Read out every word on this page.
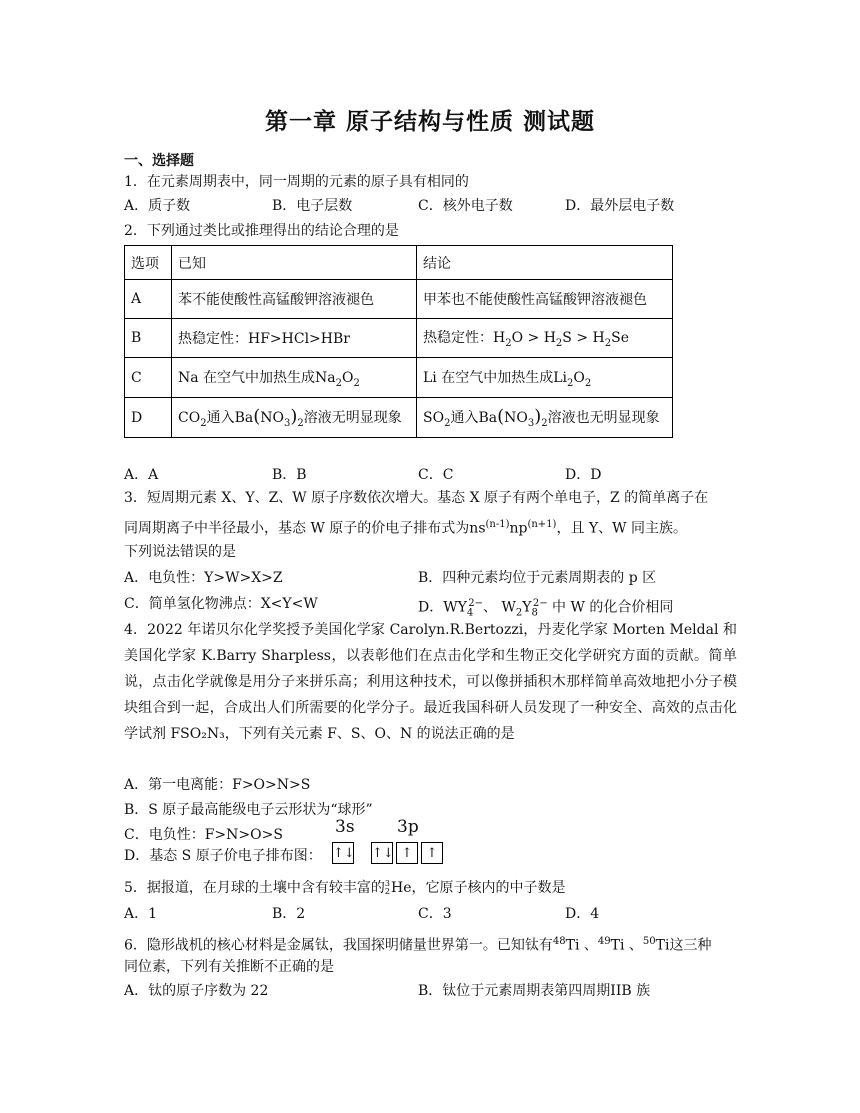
第一章 原子结构与性质 测试题
一、选择题
1．在元素周期表中，同一周期的元素的原子具有相同的
A．质子数	B．电子层数	C．核外电子数	D．最外层电子数
2．下列通过类比或推理得出的结论合理的是
选项	已知	结论
A	苯不能使酸性高锰酸钾溶液褪色	甲苯也不能使酸性高锰酸钾溶液褪色
B	热稳定性：HF>HCl>HBr	热稳定性：$H_2O > H_2S > H_2Se$
C	Na 在空气中加热生成$Na_2O_2$	Li 在空气中加热生成$Li_2O_2$
D	$CO_2$通入$Ba(NO_3)_2$溶液无明显现象	$SO_2$通入$Ba(NO_3)_2$溶液也无明显现象
A．A	B．B	C．C	D．D
3．短周期元素 X、Y、Z、W 原子序数依次增大。基态 X 原子有两个单电子，Z 的简单离子在
同周期离子中半径最小，基态 W 原子的价电子排布式为$ns^{(n-1)}np^{(n+1)}$，且 Y、W 同主族。
下列说法错误的是
A．电负性：Y>W>X>Z	B．四种元素均位于元素周期表的 p 区
C．简单氢化物沸点：X<Y<W	D．$WY_4^{2-}$、 $W_2Y_8^{2-}$ 中 W 的化合价相同
4．2022 年诺贝尔化学奖授予美国化学家 Carolyn.R.Bertozzi，丹麦化学家 Morten Meldal 和美国化学家 K.Barry Sharpless，以表彰他们在点击化学和生物正交化学研究方面的贡献。简单说，点击化学就像是用分子来拼乐高；利用这种技术，可以像拼插积木那样简单高效地把小分子模块组合到一起，合成出人们所需要的化学分子。最近我国科研人员发现了一种安全、高效的点击化学试剂 FSO₂N₃，下列有关元素 F、S、O、N 的说法正确的是
A．第一电离能：F>O>N>S
B．S 原子最高能级电子云形状为“球形”
C．电负性：F>N>O>S
D．基态 S 原子价电子排布图：
3s 3p
↑↓ ↑↓ ↑ ↑
5．据报道，在月球的土壤中含有较丰富的3
2He，它原子核内的中子数是
A．1	B．2	C．3	D．4
6．隐形战机的核心材料是金属钛，我国探明储量世界第一。已知钛有$^{48}$Ti 、$^{49}$Ti 、$^{50}$Ti这三种
同位素，下列有关推断不正确的是
A．钛的原子序数为 22	B．钛位于元素周期表第四周期IIB 族
